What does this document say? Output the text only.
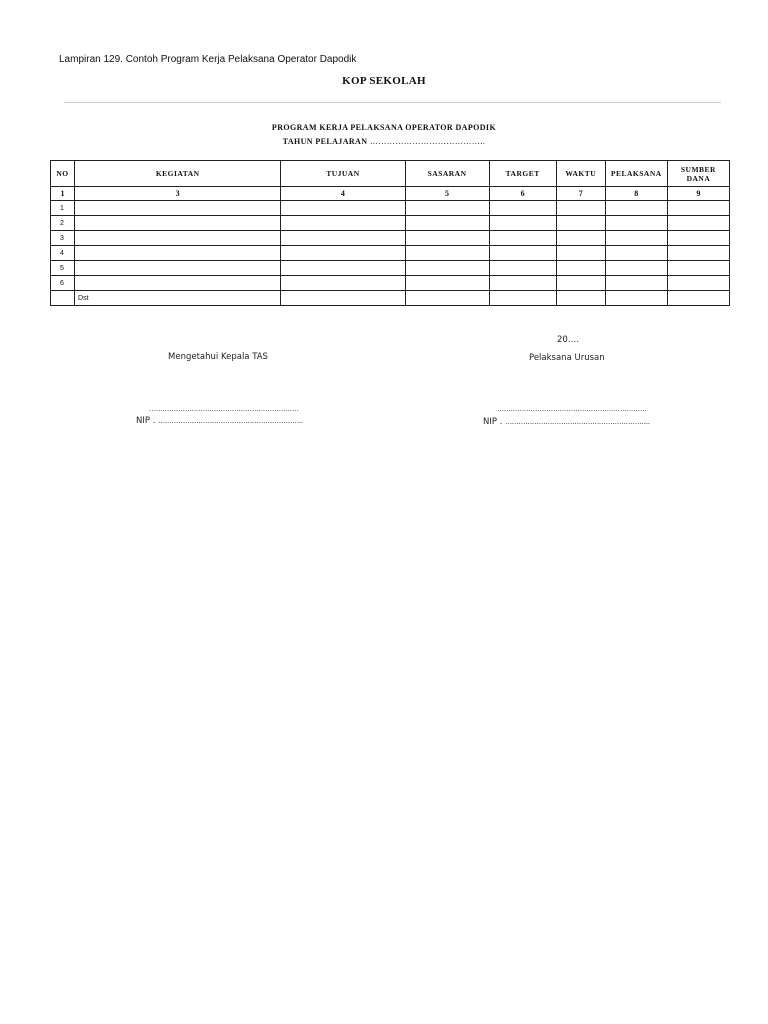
Lampiran 129. Contoh Program Kerja Pelaksana Operator Dapodik
KOP SEKOLAH
PROGRAM KERJA PELAKSANA OPERATOR DAPODIK
TAHUN PELAJARAN …………………………………..
NO	KEGIATAN	TUJUAN	SASARAN	TARGET	WAKTU	PELAKSANA	SUMBER DANA
1	3	4	5	6	7	8	9
1							
2							
3							
4							
5							
6							
	Dst						
Mengetahui Kepala TAS
………………………………………………………….
NIP . ………………………………………………………..
20….
Pelaksana Urusan
………………………………………………………….
NIP . ………………………………………………………..
